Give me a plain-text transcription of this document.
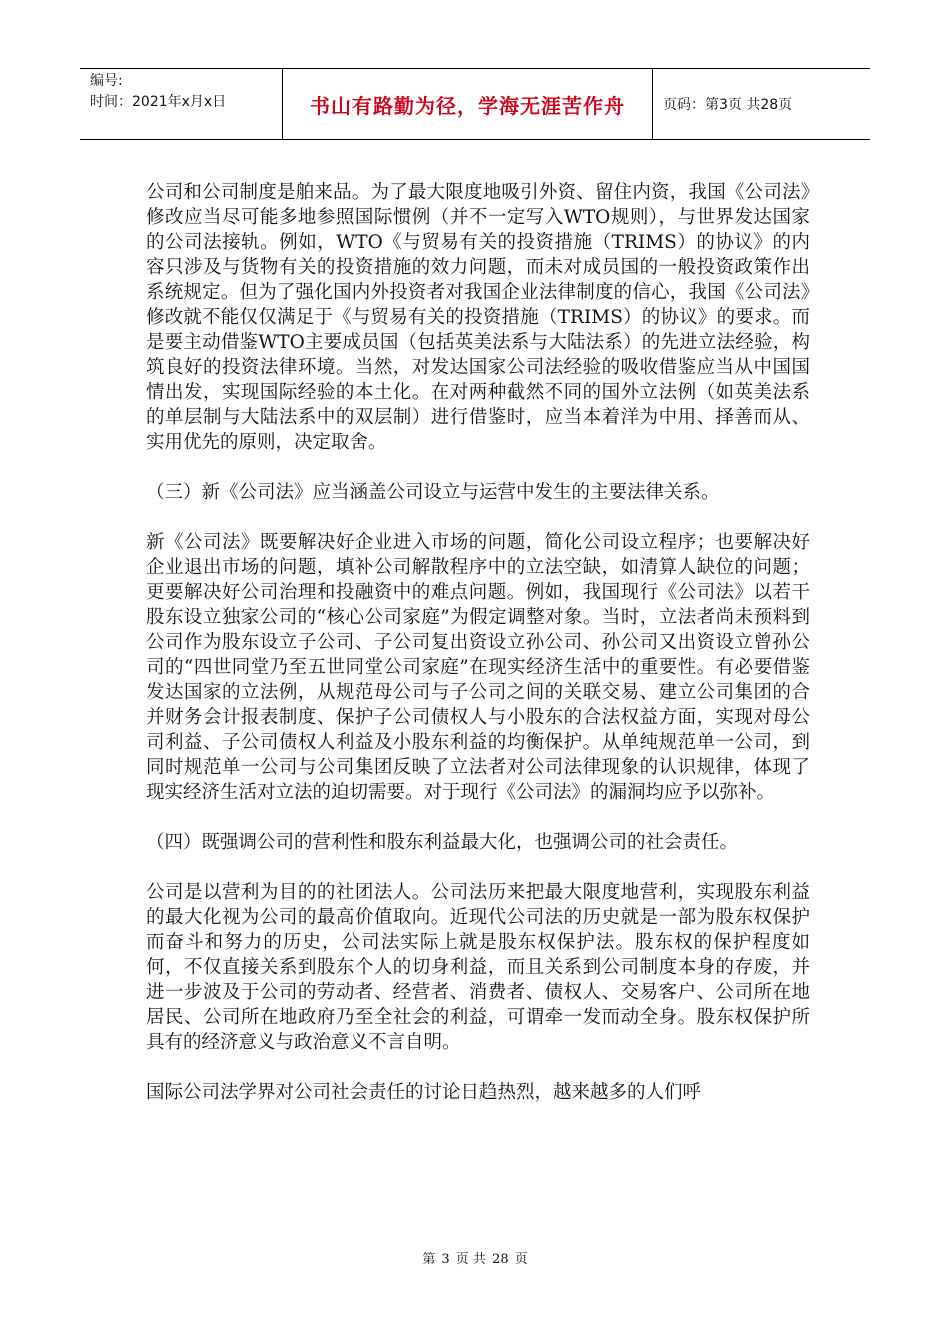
编号:
时间：2021年x月x日	书山有路勤为径，学海无涯苦作舟	页码：第3页 共28页

公司和公司制度是舶来品。为了最大限度地吸引外资、留住内资，我国《公司法》修改应当尽可能多地参照国际惯例（并不一定写入WTO规则），与世界发达国家的公司法接轨。例如，WTO《与贸易有关的投资措施（TRIMS）的协议》的内容只涉及与货物有关的投资措施的效力问题，而未对成员国的一般投资政策作出系统规定。但为了强化国内外投资者对我国企业法律制度的信心，我国《公司法》修改就不能仅仅满足于《与贸易有关的投资措施（TRIMS）的协议》的要求。而是要主动借鉴WTO主要成员国（包括英美法系与大陆法系）的先进立法经验，构筑良好的投资法律环境。当然，对发达国家公司法经验的吸收借鉴应当从中国国情出发，实现国际经验的本土化。在对两种截然不同的国外立法例（如英美法系的单层制与大陆法系中的双层制）进行借鉴时，应当本着洋为中用、择善而从、实用优先的原则，决定取舍。

（三）新《公司法》应当涵盖公司设立与运营中发生的主要法律关系。

新《公司法》既要解决好企业进入市场的问题，简化公司设立程序；也要解决好企业退出市场的问题，填补公司解散程序中的立法空缺，如清算人缺位的问题；更要解决好公司治理和投融资中的难点问题。例如，我国现行《公司法》以若干股东设立独家公司的“核心公司家庭”为假定调整对象。当时，立法者尚未预料到公司作为股东设立子公司、子公司复出资设立孙公司、孙公司又出资设立曾孙公司的“四世同堂乃至五世同堂公司家庭”在现实经济生活中的重要性。有必要借鉴发达国家的立法例，从规范母公司与子公司之间的关联交易、建立公司集团的合并财务会计报表制度、保护子公司债权人与小股东的合法权益方面，实现对母公司利益、子公司债权人利益及小股东利益的均衡保护。从单纯规范单一公司，到同时规范单一公司与公司集团反映了立法者对公司法律现象的认识规律，体现了现实经济生活对立法的迫切需要。对于现行《公司法》的漏洞均应予以弥补。

（四）既强调公司的营利性和股东利益最大化，也强调公司的社会责任。

公司是以营利为目的的社团法人。公司法历来把最大限度地营利，实现股东利益的最大化视为公司的最高价值取向。近现代公司法的历史就是一部为股东权保护而奋斗和努力的历史，公司法实际上就是股东权保护法。股东权的保护程度如何，不仅直接关系到股东个人的切身利益，而且关系到公司制度本身的存废，并进一步波及于公司的劳动者、经营者、消费者、债权人、交易客户、公司所在地居民、公司所在地政府乃至全社会的利益，可谓牵一发而动全身。股东权保护所具有的经济意义与政治意义不言自明。

国际公司法学界对公司社会责任的讨论日趋热烈，越来越多的人们呼

第 3 页 共 28 页
